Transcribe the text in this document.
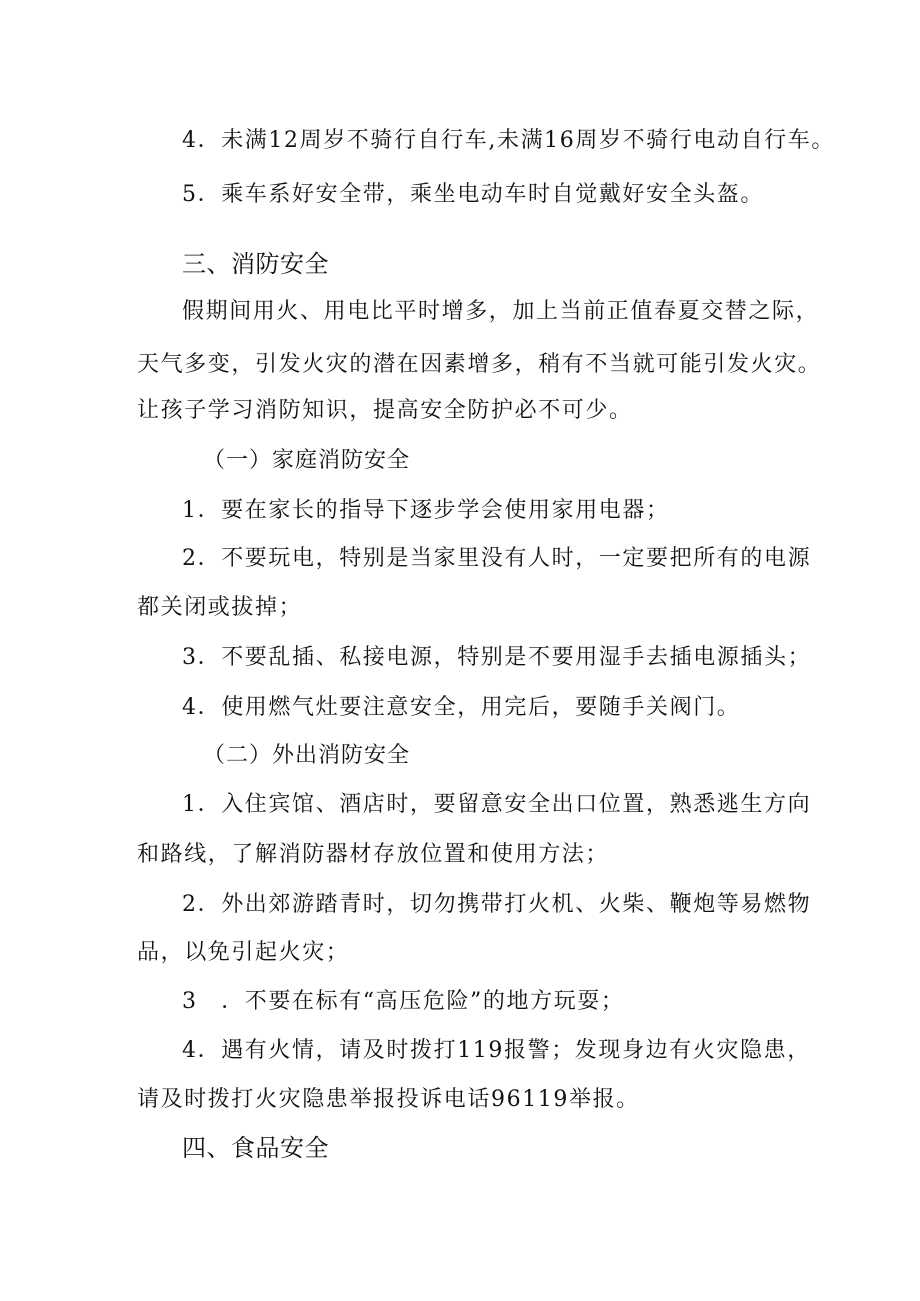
4．未满12周岁不骑行自行车,未满16周岁不骑行电动自行车。
5．乘车系好安全带，乘坐电动车时自觉戴好安全头盔。
三、消防安全
假期间用火、用电比平时增多，加上当前正值春夏交替之际，
天气多变，引发火灾的潜在因素增多，稍有不当就可能引发火灾。
让孩子学习消防知识，提高安全防护必不可少。
（一）家庭消防安全
1．要在家长的指导下逐步学会使用家用电器；
2．不要玩电，特别是当家里没有人时，一定要把所有的电源
都关闭或拔掉；
3．不要乱插、私接电源，特别是不要用湿手去插电源插头；
4．使用燃气灶要注意安全，用完后，要随手关阀门。
（二）外出消防安全
1．入住宾馆、酒店时，要留意安全出口位置，熟悉逃生方向
和路线，了解消防器材存放位置和使用方法；
2．外出郊游踏青时，切勿携带打火机、火柴、鞭炮等易燃物
品，以免引起火灾；
3　．不要在标有“高压危险”的地方玩耍；
4．遇有火情，请及时拨打119报警；发现身边有火灾隐患，
请及时拨打火灾隐患举报投诉电话96119举报。
四、食品安全
